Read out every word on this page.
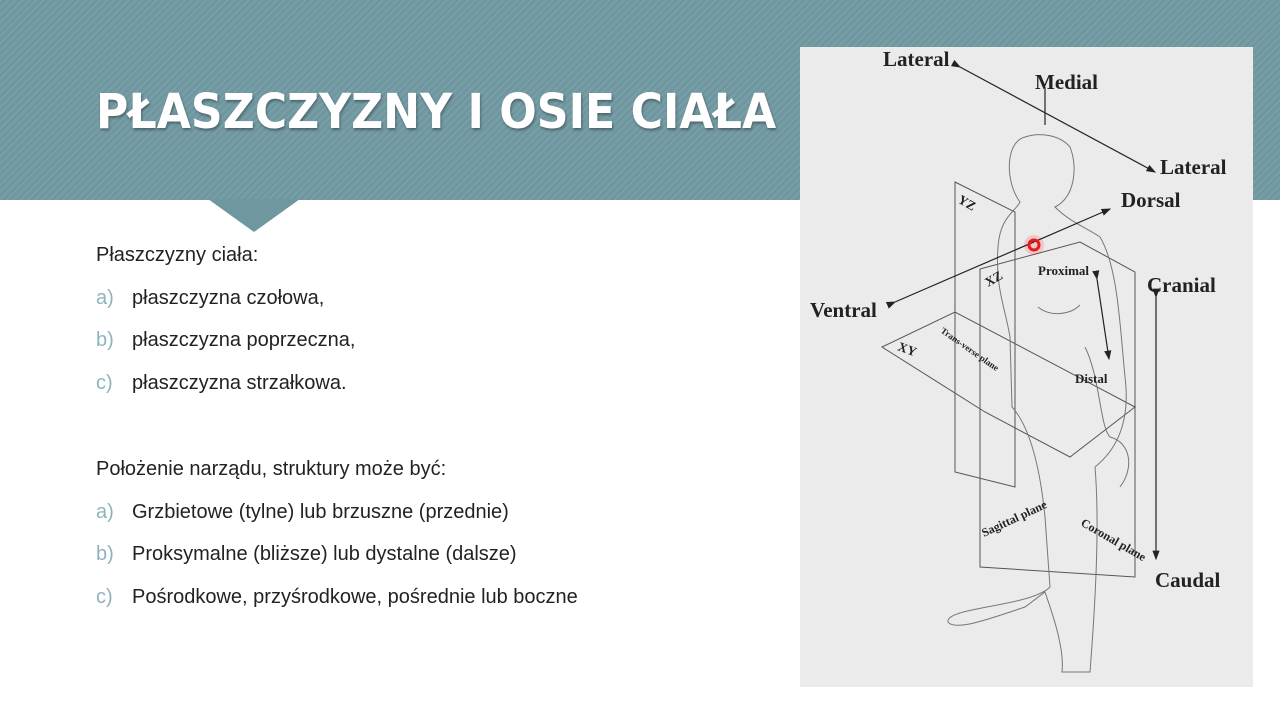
PŁASZCZYZNY I OSIE CIAŁA
Płaszczyzny ciała:
a) płaszczyzna czołowa,
b) płaszczyzna poprzeczna,
c) płaszczyzna strzałkowa.
Położenie narządu, struktury może być:
a) Grzbietowe (tylne) lub brzuszne (przednie)
b) Proksymalne (bliższe) lub dystalne (dalsze)
c) Pośrodkowe, przyśrodkowe, pośrednie lub boczne
Lateral
Medial
Lateral
Dorsal
Ventral
Cranial
Caudal
Proximal
Distal
YZ
XZ
XY Trans-verse plane
Sagittal plane Coronal plane
